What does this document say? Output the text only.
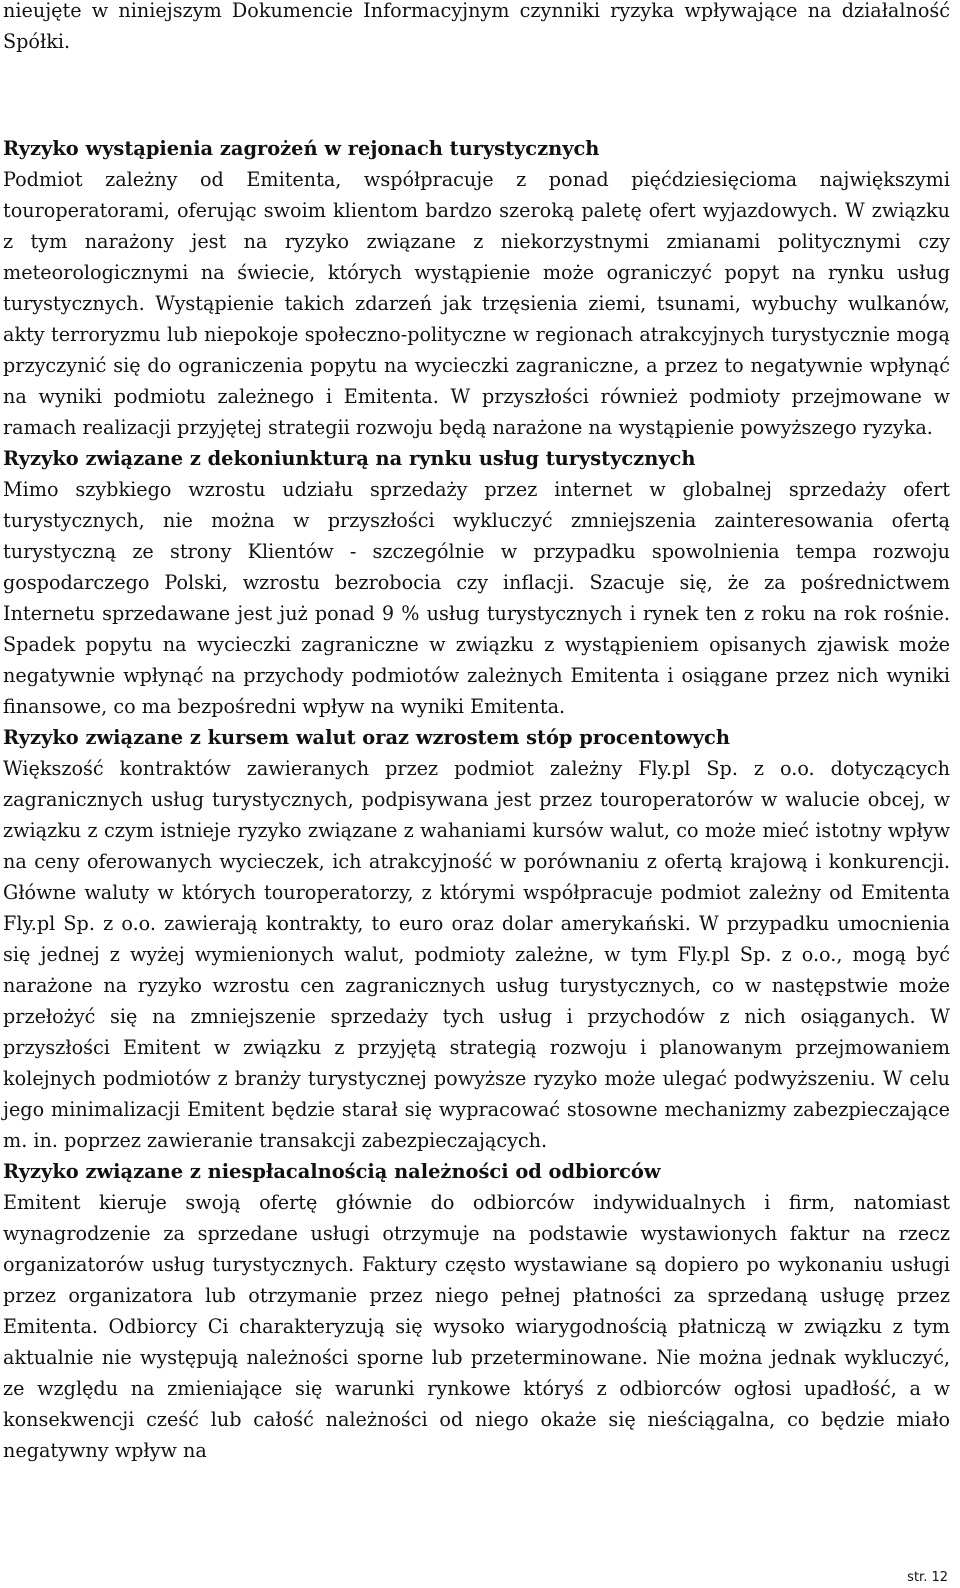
nieujęte w niniejszym Dokumencie Informacyjnym czynniki ryzyka wpływające na działalność Spółki.

Ryzyko wystąpienia zagrożeń w rejonach turystycznych

Podmiot zależny od Emitenta, współpracuje z ponad pięćdziesięcioma największymi touroperatorami, oferując swoim klientom bardzo szeroką paletę ofert wyjazdowych. W związku z tym narażony jest na ryzyko związane z niekorzystnymi zmianami politycznymi czy meteorologicznymi na świecie, których wystąpienie może ograniczyć popyt na rynku usług turystycznych. Wystąpienie takich zdarzeń jak trzęsienia ziemi, tsunami, wybuchy wulkanów, akty terroryzmu lub niepokoje społeczno-polityczne w regionach atrakcyjnych turystycznie mogą przyczynić się do ograniczenia popytu na wycieczki zagraniczne, a przez to negatywnie wpłynąć na wyniki podmiotu zależnego i Emitenta. W przyszłości również podmioty przejmowane w ramach realizacji przyjętej strategii rozwoju będą narażone na wystąpienie powyższego ryzyka.

Ryzyko związane z dekoniunkturą na rynku usług turystycznych

Mimo szybkiego wzrostu udziału sprzedaży przez internet w globalnej sprzedaży ofert turystycznych, nie można w przyszłości wykluczyć zmniejszenia zainteresowania ofertą turystyczną ze strony Klientów - szczególnie w przypadku spowolnienia tempa rozwoju gospodarczego Polski, wzrostu bezrobocia czy inflacji. Szacuje się, że za pośrednictwem Internetu sprzedawane jest już ponad 9 % usług turystycznych i rynek ten z roku na rok rośnie. Spadek popytu na wycieczki zagraniczne w związku z wystąpieniem opisanych zjawisk może negatywnie wpłynąć na przychody podmiotów zależnych Emitenta i osiągane przez nich wyniki finansowe, co ma bezpośredni wpływ na wyniki Emitenta.

Ryzyko związane z kursem walut oraz wzrostem stóp procentowych

Większość kontraktów zawieranych przez podmiot zależny Fly.pl Sp. z o.o. dotyczących zagranicznych usług turystycznych, podpisywana jest przez touroperatorów w walucie obcej, w związku z czym istnieje ryzyko związane z wahaniami kursów walut, co może mieć istotny wpływ na ceny oferowanych wycieczek, ich atrakcyjność w porównaniu z ofertą krajową i konkurencji. Główne waluty w których touroperatorzy, z którymi współpracuje podmiot zależny od Emitenta Fly.pl Sp. z o.o. zawierają kontrakty, to euro oraz dolar amerykański. W przypadku umocnienia się jednej z wyżej wymienionych walut, podmioty zależne, w tym Fly.pl Sp. z o.o., mogą być narażone na ryzyko wzrostu cen zagranicznych usług turystycznych, co w następstwie może przełożyć się na zmniejszenie sprzedaży tych usług i przychodów z nich osiąganych. W przyszłości Emitent w związku z przyjętą strategią rozwoju i planowanym przejmowaniem kolejnych podmiotów z branży turystycznej powyższe ryzyko może ulegać podwyższeniu. W celu jego minimalizacji Emitent będzie starał się wypracować stosowne mechanizmy zabezpieczające m. in. poprzez zawieranie transakcji zabezpieczających.

Ryzyko związane z niespłacalnością należności od odbiorców

Emitent kieruje swoją ofertę głównie do odbiorców indywidualnych i firm, natomiast wynagrodzenie za sprzedane usługi otrzymuje na podstawie wystawionych faktur na rzecz organizatorów usług turystycznych. Faktury często wystawiane są dopiero po wykonaniu usługi przez organizatora lub otrzymanie przez niego pełnej płatności za sprzedaną usługę przez Emitenta. Odbiorcy Ci charakteryzują się wysoko wiarygodnością płatniczą w związku z tym aktualnie nie występują należności sporne lub przeterminowane. Nie można jednak wykluczyć, ze względu na zmieniające się warunki rynkowe któryś z odbiorców ogłosi upadłość, a w konsekwencji cześć lub całość należności od niego okaże się nieściągalna, co będzie miało negatywny wpływ na

str. 12
